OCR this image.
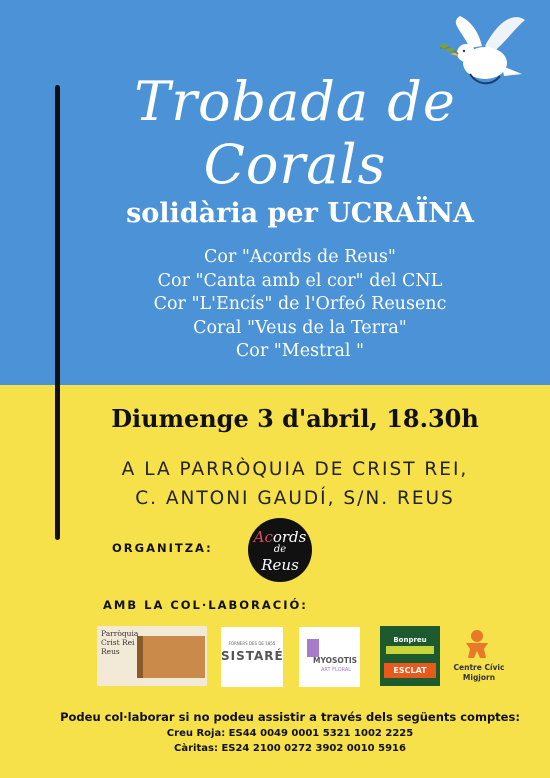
Trobada de Corals
solidària per UCRAÏNA
Cor "Acords de Reus"
Cor "Canta amb el cor" del CNL
Cor "L'Encís" de l'Orfeó Reusenc
Coral "Veus de la Terra"
Cor "Mestral "
Diumenge 3 d'abril, 18.30h
A LA PARRÒQUIA DE CRIST REI,
C. ANTONI GAUDÍ, S/N. REUS
ORGANITZA:
Acords
de
Reus
AMB LA COL·LABORACIÓ:
Parròquia
Crist Rei
Reus
FORNERS DES DE 1855
SISTARÉ	MYOSOTIS
ART FLORAL
Bonpreu
ESCLAT	Centre Cívic
Migjorn
Podeu col·laborar si no podeu assistir a través dels següents comptes:
Creu Roja: ES44 0049 0001 5321 1002 2225
Càritas: ES24 2100 0272 3902 0010 5916
